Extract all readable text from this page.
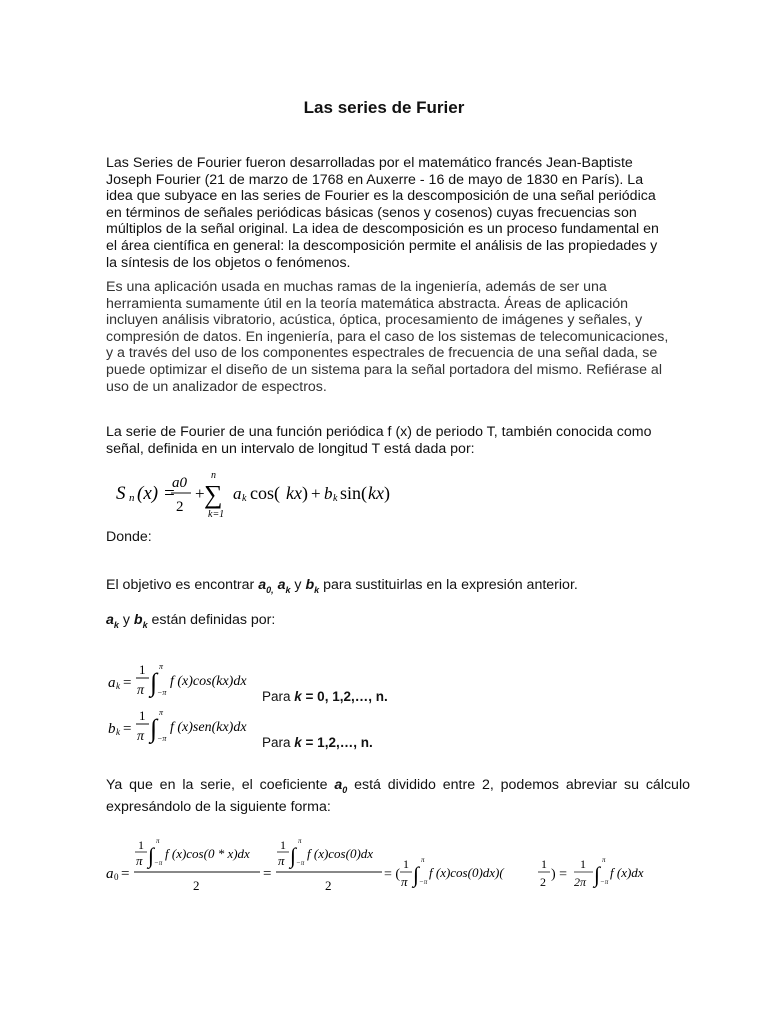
Las series de Furier
Las Series de Fourier fueron desarrolladas por el matemático francés Jean-Baptiste Joseph Fourier (21 de marzo de 1768 en Auxerre - 16 de mayo de 1830 en París). La idea que subyace en las series de Fourier es la descomposición de una señal periódica en términos de señales periódicas básicas (senos y cosenos) cuyas frecuencias son múltiplos de la señal original. La idea de descomposición es un proceso fundamental en el área científica en general: la descomposición permite el análisis de las propiedades y la síntesis de los objetos o fenómenos.
Es una aplicación usada en muchas ramas de la ingeniería, además de ser una herramienta sumamente útil en la teoría matemática abstracta. Áreas de aplicación incluyen análisis vibratorio, acústica, óptica, procesamiento de imágenes y señales, y compresión de datos. En ingeniería, para el caso de los sistemas de telecomunicaciones, y a través del uso de los componentes espectrales de frecuencia de una señal dada, se puede optimizar el diseño de un sistema para la señal portadora del mismo. Refiérase al uso de un analizador de espectros.
La serie de Fourier de una función periódica f (x) de periodo T, también conocida como señal, definida en un intervalo de longitud T está dada por:
S n (x) =
a0
2
+
n
∑
k=1
a k cos( kx ) + b k sin( kx )
Donde:
El objetivo es encontrar $a_{0,}$ $a_k$ y $b_k$ para sustituirlas en la expresión anterior.
$a_k$ y $b_k$ están definidas por:
a k =
1
π ∫
π
−π
f (x)cos(kx)dx
Para k = 0, 1,2,…, n.
b k =
1
π ∫
π
−π
f (x)sen(kx)dx
Para k = 1,2,…, n.
Ya que en la serie, el coeficiente $a_0$ está dividido entre 2, podemos abreviar su cálculo expresándolo de la siguiente forma:
a 0 =
1
π ∫
π
−π
f (x)cos(0 * x)dx
2
=
1
π ∫
π
−π
f (x)cos(0)dx
2
= (
1
π ∫
π
−π
f (x)cos(0)dx)(
1
2 ) =
1
2π ∫
π
−π
f (x)dx
